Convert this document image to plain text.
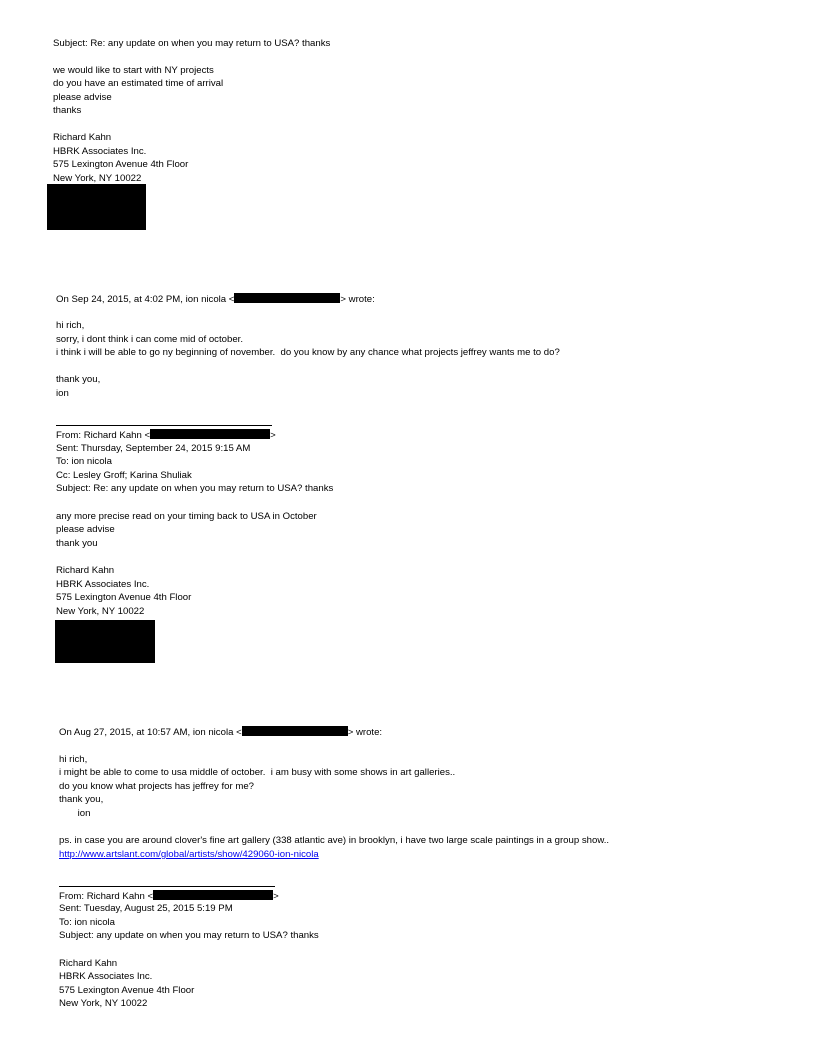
Subject: Re: any update on when you may return to USA? thanks
we would like to start with NY projects
do you have an estimated time of arrival
please advise
thanks
Richard Kahn
HBRK Associates Inc.
575 Lexington Avenue 4th Floor
New York, NY 10022
On Sep 24, 2015, at 4:02 PM, ion nicola <	> wrote:
hi rich,
sorry, i dont think i can come mid of october.
i think i will be able to go ny beginning of november.  do you know by any chance what projects jeffrey wants me to do?
thank you,
ion
From: Richard Kahn <	>
Sent: Thursday, September 24, 2015 9:15 AM
To: ion nicola
Cc: Lesley Groff; Karina Shuliak
Subject: Re: any update on when you may return to USA? thanks
any more precise read on your timing back to USA in October
please advise
thank you
Richard Kahn
HBRK Associates Inc.
575 Lexington Avenue 4th Floor
New York, NY 10022
On Aug 27, 2015, at 10:57 AM, ion nicola <	> wrote:
hi rich,
i might be able to come to usa middle of october.  i am busy with some shows in art galleries..
do you know what projects has jeffrey for me?
thank you,
ion
ps. in case you are around clover's fine art gallery (338 atlantic ave) in brooklyn, i have two large scale paintings in a group show..
http://www.artslant.com/global/artists/show/429060-ion-nicola
From: Richard Kahn <	>
Sent: Tuesday, August 25, 2015 5:19 PM
To: ion nicola
Subject: any update on when you may return to USA? thanks
Richard Kahn
HBRK Associates Inc.
575 Lexington Avenue 4th Floor
New York, NY 10022
